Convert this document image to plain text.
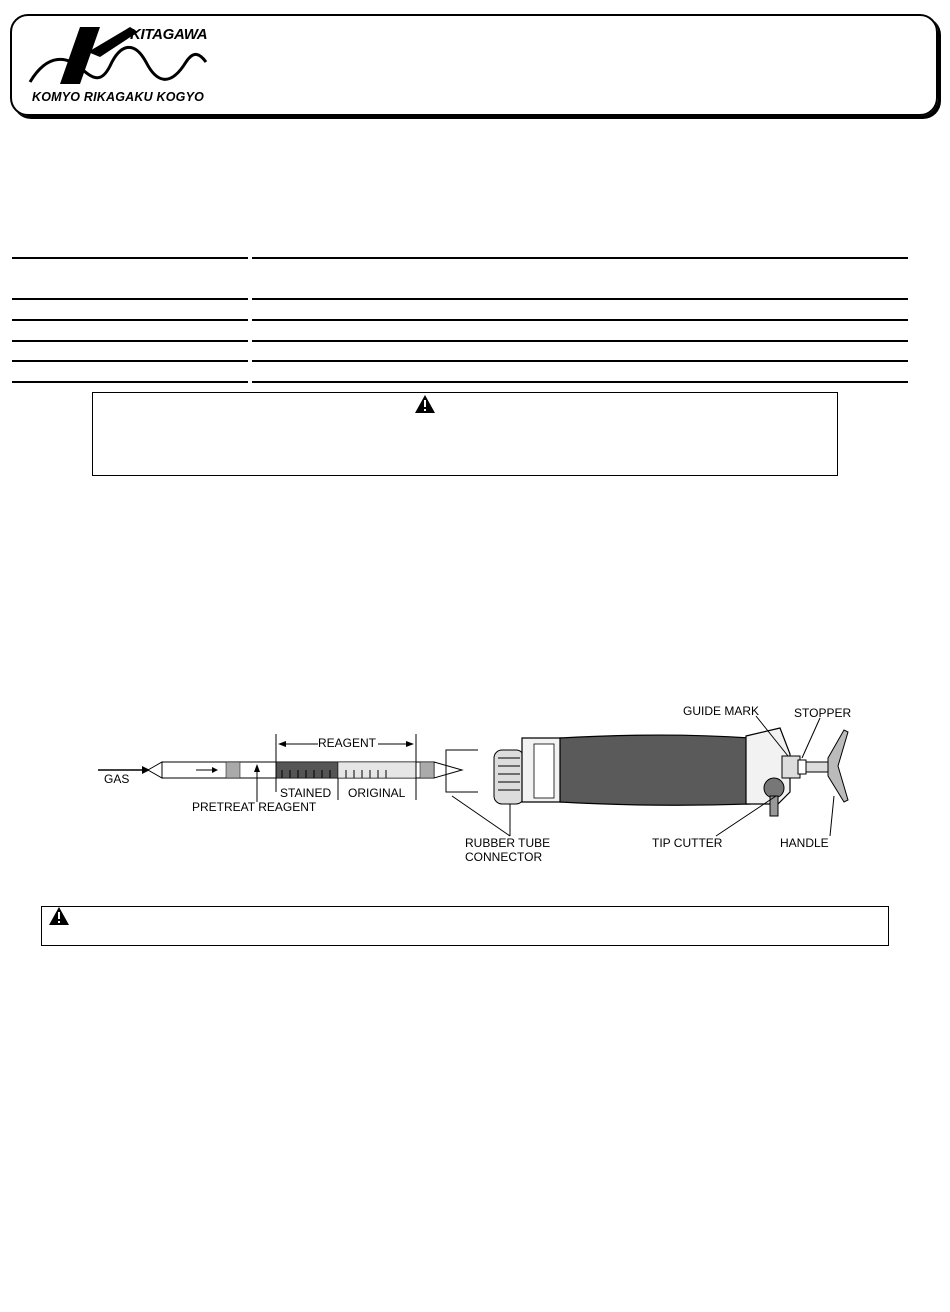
KITAGAWA
KOMYO RIKAGAKU KOGYO
GAS
REAGENT
STAINED ORIGINAL
PRETREAT REAGENT
RUBBER TUBE
CONNECTOR
GUIDE MARK	STOPPER
TIP CUTTER	HANDLE
